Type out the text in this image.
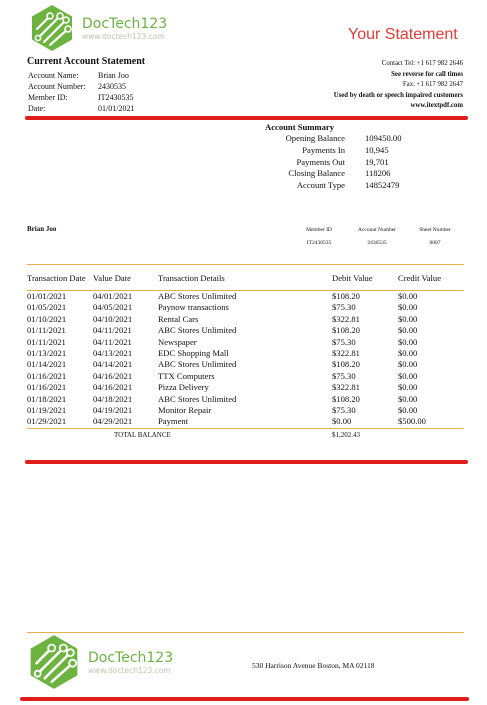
DocTech123
www.doctech123.com	Your Statement
Current Account Statement
Account Name:	Brian Joo
Account Number:	2430535
Member ID:	IT2430535
Date:	01/01/2021
Contact Tel: +1 617 982 2646
See reverse for call times
Fax: +1 617 982 2647
Used by death or speech impaired customers
www.itextpdf.com
Account Summary
Opening Balance 109450.00
Payments In 10,945
Payments Out 19,701
Closing Balance 118206
Account Type 14852479
Brian Joo	Member ID
IT2430535
Account Number
2430535
Sheet Number
0007
Transaction Date	Value Date	Transaction Details	Debit Value	Credit Value
01/01/2021	04/01/2021	ABC Stores Unlimited	$108.20	$0.00
01/05/2021	04/05/2021	Paynow transactions	$75.30	$0.00
01/10/2021	04/10/2021	Rental Cars	$322.81	$0.00
01/11/2021	04/11/2021	ABC Stores Unlimited	$108.20	$0.00
01/11/2021	04/11/2021	Newspaper	$75.30	$0.00
01/13/2021	04/13/2021	EDC Shopping Mall	$322.81	$0.00
01/14/2021	04/14/2021	ABC Stores Unlimited	$108.20	$0.00
01/16/2021	04/16/2021	TTX Computers	$75.30	$0.00
01/16/2021	04/16/2021	Pizza Delivery	$322.81	$0.00
01/18/2021	04/18/2021	ABC Stores Unlimited	$108.20	$0.00
01/19/2021	04/19/2021	Monitor Repair	$75.30	$0.00
01/29/2021	04/29/2021	Payment	$0.00	$500.00
	TOTAL BALANCE		$1,202.43	
DocTech123
www.doctech123.com	530 Harrison Avenue Boston, MA 02118
